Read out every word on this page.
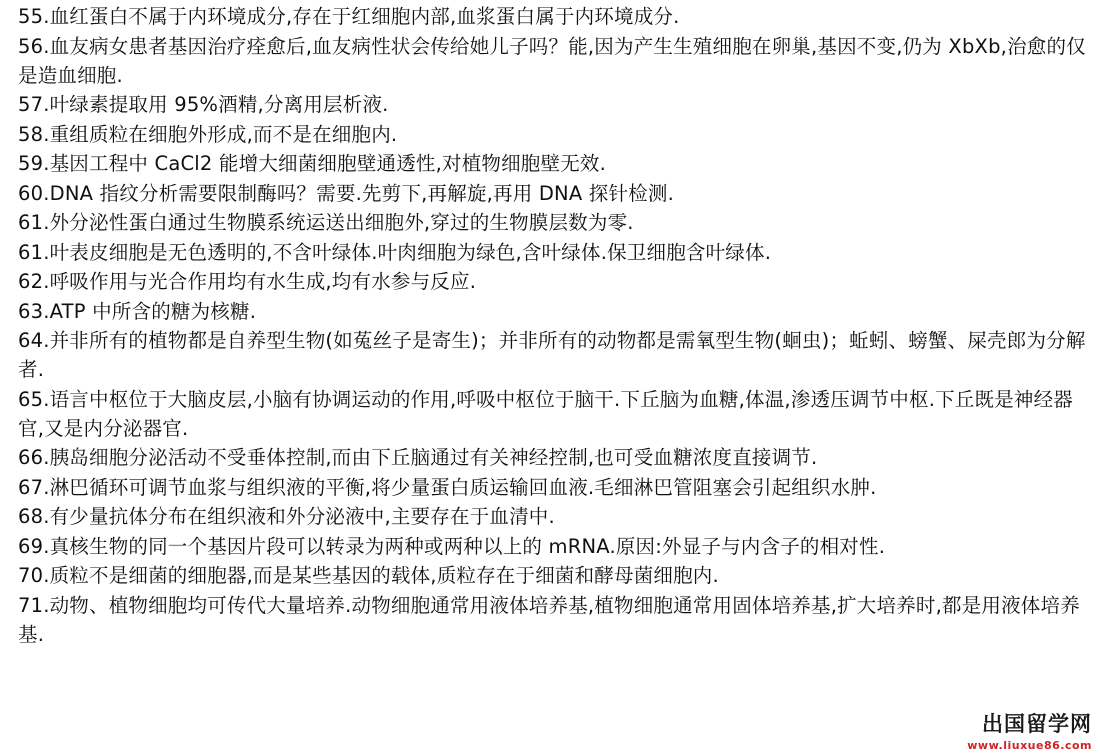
55.血红蛋白不属于内环境成分,存在于红细胞内部,血浆蛋白属于内环境成分.

56.血友病女患者基因治疗痊愈后,血友病性状会传给她儿子吗？能,因为产生生殖细胞在卵巢,基因不变,仍为 XbXb,治愈的仅是造血细胞.

57.叶绿素提取用 95%酒精,分离用层析液.

58.重组质粒在细胞外形成,而不是在细胞内.

59.基因工程中 CaCl2 能增大细菌细胞壁通透性,对植物细胞壁无效.

60.DNA 指纹分析需要限制酶吗？需要.先剪下,再解旋,再用 DNA 探针检测.

61.外分泌性蛋白通过生物膜系统运送出细胞外,穿过的生物膜层数为零.

61.叶表皮细胞是无色透明的,不含叶绿体.叶肉细胞为绿色,含叶绿体.保卫细胞含叶绿体.

62.呼吸作用与光合作用均有水生成,均有水参与反应.

63.ATP 中所含的糖为核糖.

64.并非所有的植物都是自养型生物(如菟丝子是寄生)；并非所有的动物都是需氧型生物(蛔虫)；蚯蚓、螃蟹、屎壳郎为分解者.

65.语言中枢位于大脑皮层,小脑有协调运动的作用,呼吸中枢位于脑干.下丘脑为血糖,体温,渗透压调节中枢.下丘既是神经器官,又是内分泌器官.

66.胰岛细胞分泌活动不受垂体控制,而由下丘脑通过有关神经控制,也可受血糖浓度直接调节.

67.淋巴循环可调节血浆与组织液的平衡,将少量蛋白质运输回血液.毛细淋巴管阻塞会引起组织水肿.

68.有少量抗体分布在组织液和外分泌液中,主要存在于血清中.

69.真核生物的同一个基因片段可以转录为两种或两种以上的 mRNA.原因:外显子与内含子的相对性.

70.质粒不是细菌的细胞器,而是某些基因的载体,质粒存在于细菌和酵母菌细胞内.

71.动物、植物细胞均可传代大量培养.动物细胞通常用液体培养基,植物细胞通常用固体培养基,扩大培养时,都是用液体培养基.

出国留学网
www.liuxue86.com
